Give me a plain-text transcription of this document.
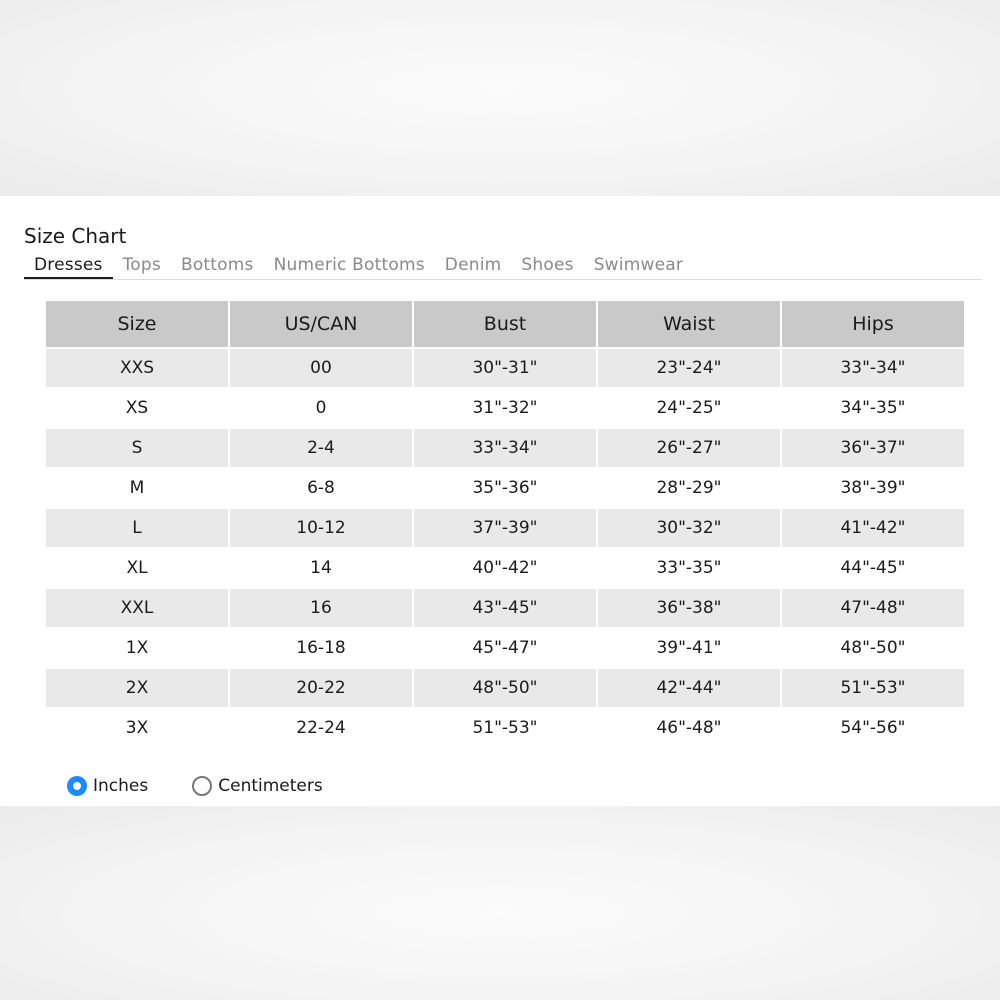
Size Chart
Dresses	Tops	Bottoms	Numeric Bottoms	Denim	Shoes	Swimwear
Size	US/CAN	Bust	Waist	Hips
XXS	00	30"-31"	23"-24"	33"-34"
XS	0	31"-32"	24"-25"	34"-35"
S	2-4	33"-34"	26"-27"	36"-37"
M	6-8	35"-36"	28"-29"	38"-39"
L	10-12	37"-39"	30"-32"	41"-42"
XL	14	40"-42"	33"-35"	44"-45"
XXL	16	43"-45"	36"-38"	47"-48"
1X	16-18	45"-47"	39"-41"	48"-50"
2X	20-22	48"-50"	42"-44"	51"-53"
3X	22-24	51"-53"	46"-48"	54"-56"
Inches	Centimeters
